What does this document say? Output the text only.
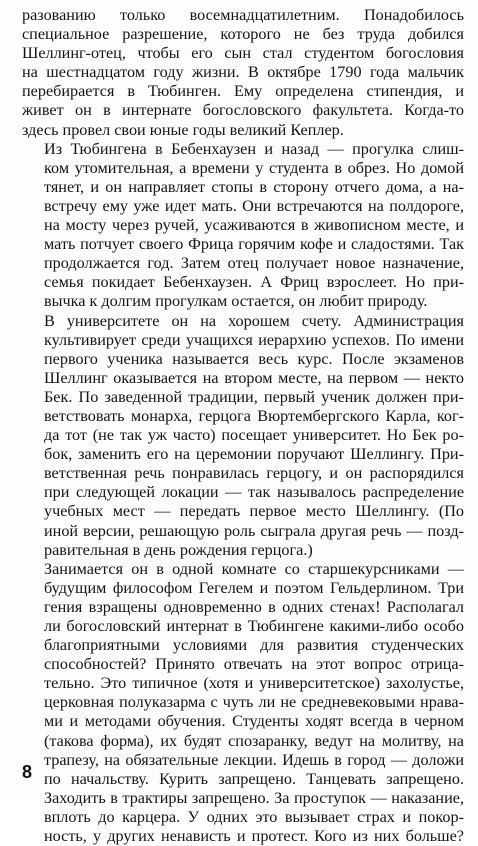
разованию только восемнадцатилетним. Понадобилось
специальное разрешение, которого не без труда добился
Шеллинг-отец, чтобы его сын стал студентом богословия
на шестнадцатом году жизни. В октябре 1790 года мальчик
перебирается в Тюбинген. Ему определена стипендия, и
живет он в интернате богословского факультета. Когда-то
здесь провел свои юные годы великий Кеплер.
Из Тюбингена в Бебенхаузен и назад — прогулка слиш-
ком утомительная, а времени у студента в обрез. Но домой
тянет, и он направляет стопы в сторону отчего дома, а на-
встречу ему уже идет мать. Они встречаются на полдороге,
на мосту через ручей, усаживаются в живописном месте, и
мать потчует своего Фрица горячим кофе и сладостями. Так
продолжается год. Затем отец получает новое назначение,
семья покидает Бебенхаузен. А Фриц взрослеет. Но при-
вычка к долгим прогулкам остается, он любит природу.
В университете он на хорошем счету. Администрация
культивирует среди учащихся иерархию успехов. По имени
первого ученика называется весь курс. После экзаменов
Шеллинг оказывается на втором месте, на первом — некто
Бек. По заведенной традиции, первый ученик должен при-
ветствовать монарха, герцога Вюртембергского Карла, ког-
да тот (не так уж часто) посещает университет. Но Бек ро-
бок, заменить его на церемонии поручают Шеллингу. При-
ветственная речь понравилась герцогу, и он распорядился
при следующей локации — так называлось распределение
учебных мест — передать первое место Шеллингу. (По
иной версии, решающую роль сыграла другая речь — позд-
равительная в день рождения герцога.)
Занимается он в одной комнате со старшекурсниками —
будущим философом Гегелем и поэтом Гельдерлином. Три
гения взращены одновременно в одних стенах! Располагал
ли богословский интернат в Тюбингене какими-либо особо
благоприятными условиями для развития студенческих
способностей? Принято отвечать на этот вопрос отрица-
тельно. Это типичное (хотя и университетское) захолустье,
церковная полуказарма с чуть ли не средневековыми нрава-
ми и методами обучения. Студенты ходят всегда в черном
(такова форма), их будят спозаранку, ведут на молитву, на
трапезу, на обязательные лекции. Идешь в город — доложи
по начальству. Курить запрещено. Танцевать запрещено.
Заходить в трактиры запрещено. За проступок — наказание,
вплоть до карцера. У одних это вызывает страх и покор-
ность, у других ненависть и протест. Кого из них больше?
8
